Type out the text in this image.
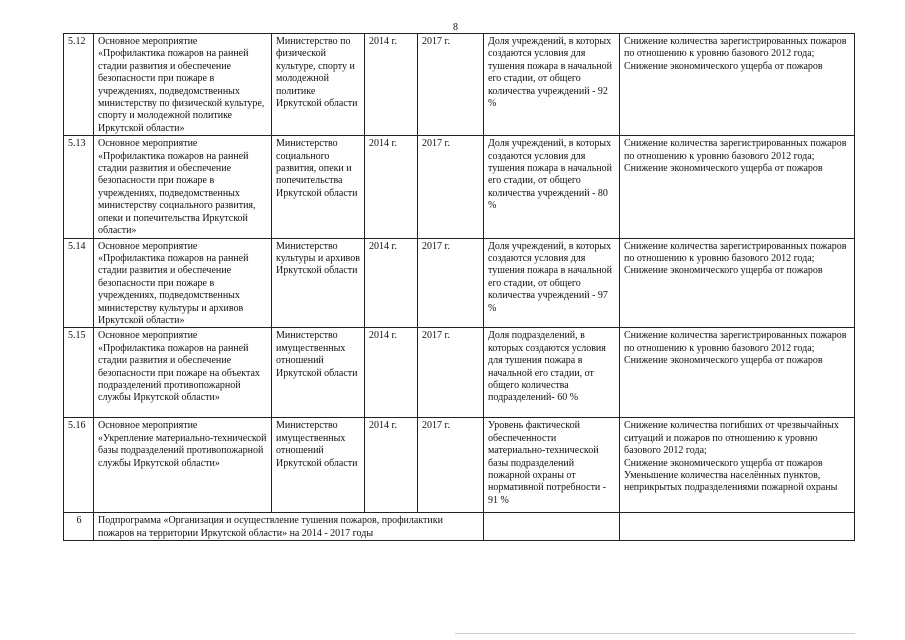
8
5.12	Основное мероприятие
«Профилактика пожаров на ранней стадии развития и обеспечение безопасности при пожаре в учреждениях, подведомственных министерству по физической культуре, спорту и молодежной политике Иркутской области»	Министерство по физической культуре, спорту и молодежной политике Иркутской области	2014 г.	2017 г.	Доля учреждений, в которых создаются условия для тушения пожара в начальной его стадии, от общего количества учреждений - 92 %	Снижение количества зарегистрированных пожаров по отношению к уровню базового 2012 года;
Снижение экономического ущерба от пожаров
5.13	Основное мероприятие
«Профилактика пожаров на ранней стадии развития и обеспечение безопасности при пожаре в учреждениях, подведомственных министерству социального развития, опеки и попечительства Иркутской области»	Министерство социального развития, опеки и попечительства Иркутской области	2014 г.	2017 г.	Доля учреждений, в которых создаются условия для тушения пожара в начальной его стадии, от общего количества учреждений - 80 %	Снижение количества зарегистрированных пожаров по отношению к уровню базового 2012 года;
Снижение экономического ущерба от пожаров
5.14	Основное мероприятие
«Профилактика пожаров на ранней стадии развития и обеспечение безопасности при пожаре в учреждениях, подведомственных министерству культуры и архивов Иркутской области»	Министерство культуры и архивов Иркутской области	2014 г.	2017 г.	Доля учреждений, в которых создаются условия для тушения пожара в начальной его стадии, от общего количества учреждений - 97 %	Снижение количества зарегистрированных пожаров по отношению к уровню базового 2012 года;
Снижение экономического ущерба от пожаров
5.15	Основное мероприятие
«Профилактика пожаров на ранней стадии развития и обеспечение безопасности при пожаре на объектах подразделений противопожарной службы Иркутской области»	Министерство имущественных отношений Иркутской области	2014 г.	2017 г.	Доля подразделений, в которых создаются условия для тушения пожара в начальной его стадии, от общего количества подразделений- 60 %	Снижение количества зарегистрированных пожаров по отношению к уровню базового 2012 года;
Снижение экономического ущерба от пожаров
5.16	Основное мероприятие
«Укрепление материально-технической базы подразделений противопожарной службы Иркутской области»	Министерство имущественных отношений Иркутской области	2014 г.	2017 г.	Уровень фактической обеспеченности материально-технической базы подразделений пожарной охраны от нормативной потребности - 91 %	Снижение количества погибших от чрезвычайных ситуаций и пожаров по отношению к уровню базового 2012 года;
Снижение экономического ущерба от пожаров
Уменьшение количества населённых пунктов, неприкрытых подразделениями пожарной охраны
6	Подпрограмма «Организация и осуществление тушения пожаров, профилактики пожаров на территории Иркутской области» на 2014 - 2017 годы					
